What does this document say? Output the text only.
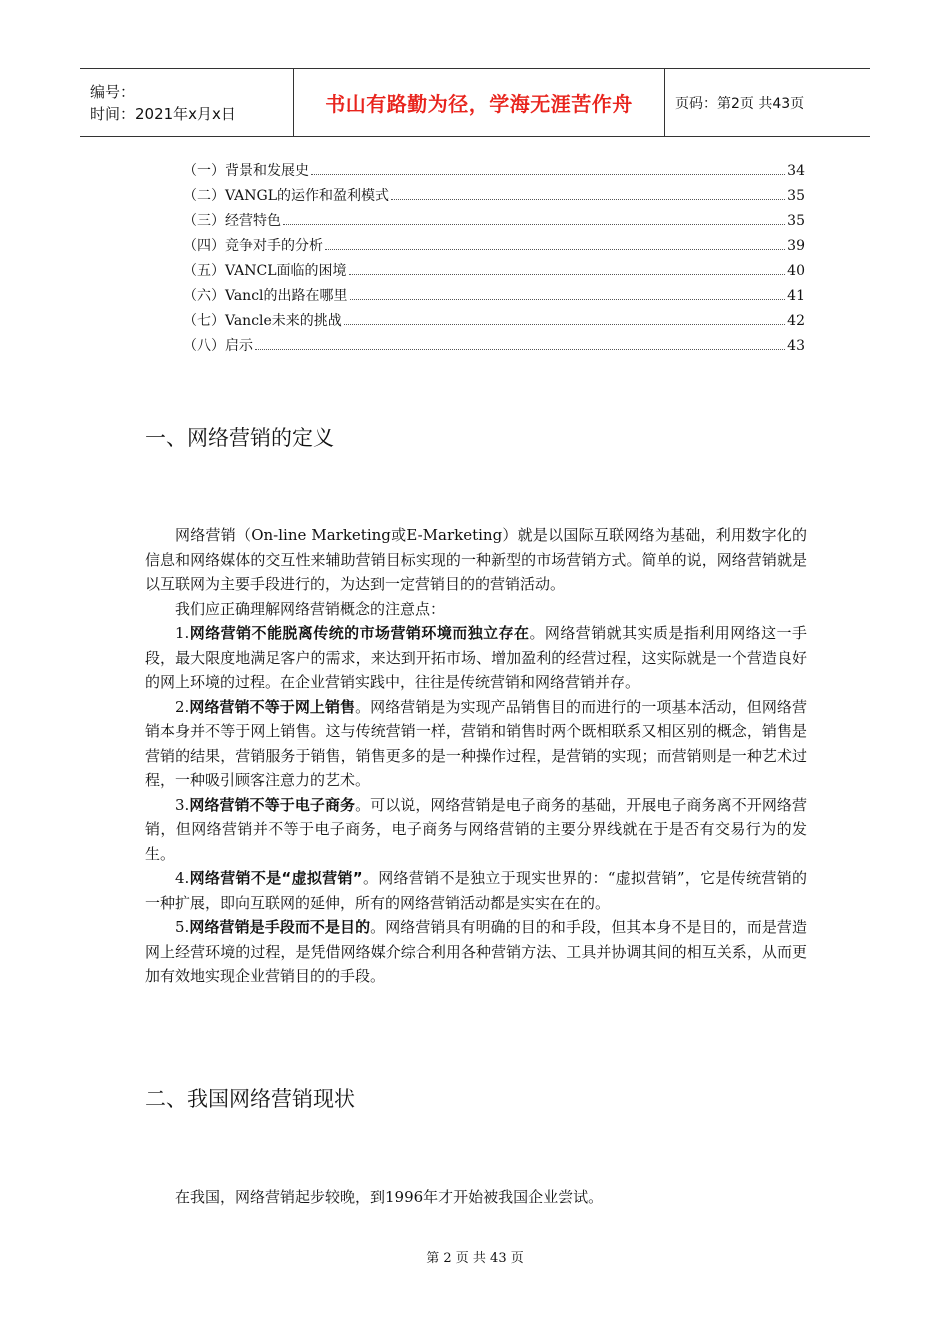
编号：
时间：2021年x月x日	书山有路勤为径，学海无涯苦作舟	页码：第2页 共43页
（一）背景和发展史	34
（二）VANGL的运作和盈利模式	35
（三）经营特色	35
（四）竞争对手的分析	39
（五）VANCL面临的困境	40
（六）Vancl的出路在哪里	41
（七）Vancle未来的挑战	42
（八）启示	43
一、网络营销的定义

网络营销（On-line Marketing或E-Marketing）就是以国际互联网络为基础，利用数字化的信息和网络媒体的交互性来辅助营销目标实现的一种新型的市场营销方式。简单的说，网络营销就是以互联网为主要手段进行的，为达到一定营销目的的营销活动。

我们应正确理解网络营销概念的注意点：

1.网络营销不能脱离传统的市场营销环境而独立存在。网络营销就其实质是指利用网络这一手段，最大限度地满足客户的需求，来达到开拓市场、增加盈利的经营过程，这实际就是一个营造良好的网上环境的过程。在企业营销实践中，往往是传统营销和网络营销并存。

2.网络营销不等于网上销售。网络营销是为实现产品销售目的而进行的一项基本活动，但网络营销本身并不等于网上销售。这与传统营销一样，营销和销售时两个既相联系又相区别的概念，销售是营销的结果，营销服务于销售，销售更多的是一种操作过程，是营销的实现；而营销则是一种艺术过程，一种吸引顾客注意力的艺术。

3.网络营销不等于电子商务。可以说，网络营销是电子商务的基础，开展电子商务离不开网络营销，但网络营销并不等于电子商务，电子商务与网络营销的主要分界线就在于是否有交易行为的发生。

4.网络营销不是“虚拟营销”。网络营销不是独立于现实世界的：“虚拟营销”，它是传统营销的一种扩展，即向互联网的延伸，所有的网络营销活动都是实实在在的。

5.网络营销是手段而不是目的。网络营销具有明确的目的和手段，但其本身不是目的，而是营造网上经营环境的过程，是凭借网络媒介综合利用各种营销方法、工具并协调其间的相互关系，从而更加有效地实现企业营销目的的手段。

二、我国网络营销现状

在我国，网络营销起步较晚，到1996年才开始被我国企业尝试。

第 2 页 共 43 页
